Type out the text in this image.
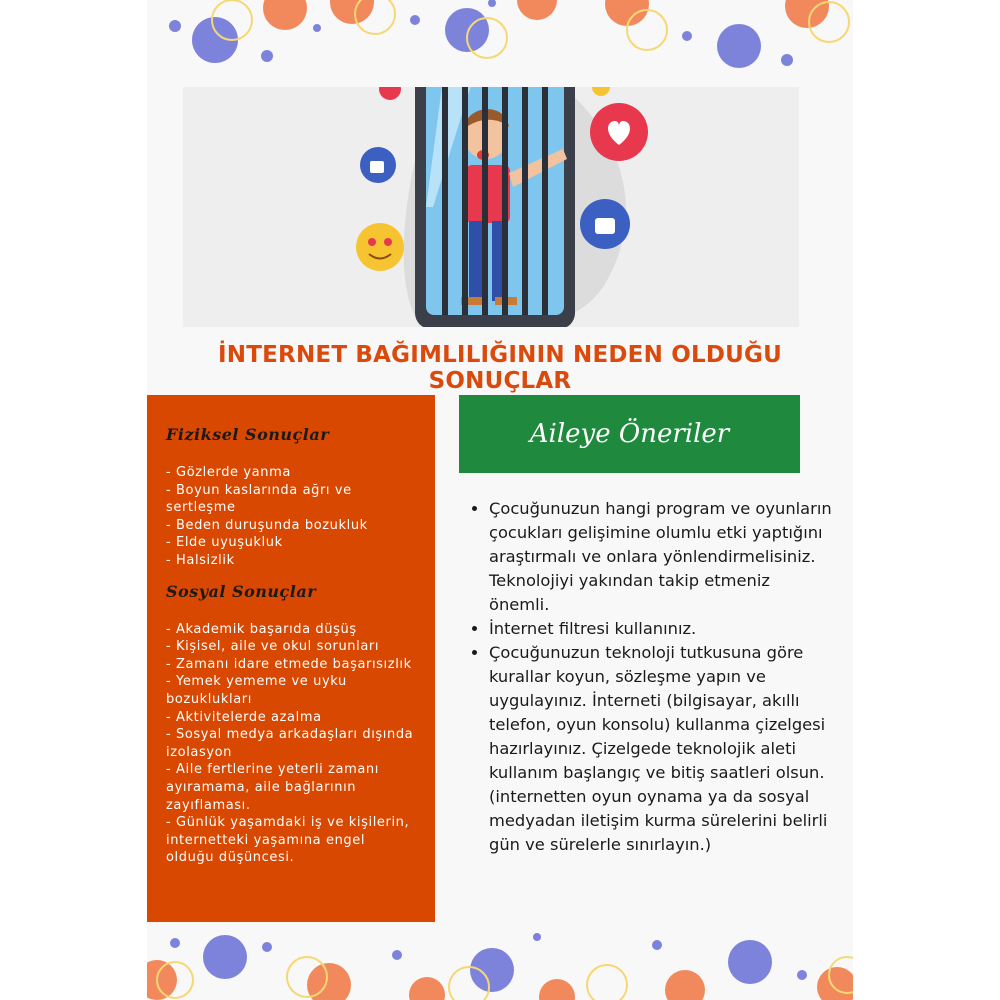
İNTERNET BAĞIMLILIĞININ NEDEN OLDUĞU SONUÇLAR
Fiziksel Sonuçlar
- Gözlerde yanma
- Boyun kaslarında ağrı ve sertleşme
- Beden duruşunda bozukluk
- Elde uyuşukluk
- Halsizlik
Sosyal Sonuçlar
- Akademik başarıda düşüş
- Kişisel, aile ve okul sorunları
- Zamanı idare etmede başarısızlık
- Yemek yememe ve uyku bozuklukları
- Aktivitelerde azalma
- Sosyal medya arkadaşları dışında izolasyon
- Aile fertlerine yeterli zamanı ayıramama, aile bağlarının zayıflaması.
- Günlük yaşamdaki iş ve kişilerin, internetteki yaşamına engel olduğu düşüncesi.
Aileye Öneriler
• Çocuğunuzun hangi program ve oyunların çocukları gelişimine olumlu etki yaptığını araştırmalı ve onlara yönlendirmelisiniz. Teknolojiyi yakından takip etmeniz önemli.
• İnternet filtresi kullanınız.
• Çocuğunuzun teknoloji tutkusuna göre kurallar koyun, sözleşme yapın ve uygulayınız. İnterneti (bilgisayar, akıllı telefon, oyun konsolu) kullanma çizelgesi hazırlayınız. Çizelgede teknolojik aleti kullanım başlangıç ve bitiş saatleri olsun. (internetten oyun oynama ya da sosyal medyadan iletişim kurma sürelerini belirli gün ve sürelerle sınırlayın.)
